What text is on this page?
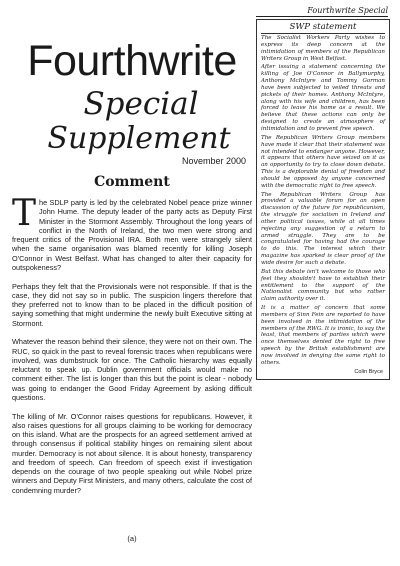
Fourthwrite
Special
Supplement
November 2000
Comment

The SDLP party is led by the celebrated Nobel peace prize winner John Hume. The deputy leader of the party acts as Deputy First Minister in the Stormont Assembly. Throughout the long years of conflict in the North of Ireland, the two men were strong and frequent critics of the Provisional IRA. Both men were strangely silent when the same organisation was blamed recently for killing Joseph O'Connor in West Belfast. What has changed to alter their capacity for outspokeness?

Perhaps they felt that the Provisionals were not responsible. If that is the case, they did not say so in public. The suspicion lingers therefore that they preferred not to know than to be placed in the difficult position of saying something that might undermine the newly built Executive sitting at Stormont.

Whatever the reason behind their silence, they were not on their own. The RUC, so quick in the past to reveal forensic traces when republicans were involved, was dumbstruck for once. The Catholic hierarchy was equally reluctant to speak up. Dublin government officials would make no comment either. The list is longer than this but the point is clear - nobody was going to endanger the Good Friday Agreement by asking difficult questions.

The killing of Mr. O'Connor raises questions for republicans. However, it also raises questions for all groups claiming to be working for democracy on this island. What are the prospects for an agreed settlement arrived at through consensus if political stability hinges on remaining silent about murder. Democracy is not about silence. It is about honesty, transparency and freedom of speech. Can freedom of speech exist if investigation depends on the courage of two people speaking out while Nobel prize winners and Deputy First Ministers, and many others, calculate the cost of condemning murder?

(a)
Fourthwrite Special
SWP statement

The Socialist Workers Party wishes to express its deep concern at the intimidation of members of the Republican Writers Group in West Belfast.

After issuing a statement concerning the killing of Joe O'Connor in Ballymurphy, Anthony McIntyre and Tommy Gorman have been subjected to veiled threats and pickets of their homes. Anthony McIntyre, along with his wife and children, has been forced to leave his home as a result. We believe that these actions can only be designed to create an atmosphere of intimidation and to prevent free speech.

The Republican Writers Group members have made it clear that their statement was not intended to endanger anyone. However, it appears that others have seized on it as an opportunity to try to close down debate. This is a deplorable denial of freedom and should be opposed by anyone concerned with the democratic right to free speech.

The Republican Writers Group has provided a valuable forum for an open discussion of the future for republicanism, the struggle for socialism in Ireland and other political issues, while at all times rejecting any suggestion of a return to armed struggle. They are to be congratulated for having had the courage to do this. The interest which their magazine has sparked is clear proof of the wide desire for such a debate.

But this debate isn't welcome to those who feel they shouldn't have to establish their entitlement to the support of the Nationalist community but who rather claim authority over it.

It is a matter of concern that some members of Sinn Fein are reported to have been involved in the intimidation of the members of the RWG. It is ironic, to say the least, that members of parties which were once themselves denied the right to free speech by the British establishment are now involved in denying the same right to others.

Colin Bryce
